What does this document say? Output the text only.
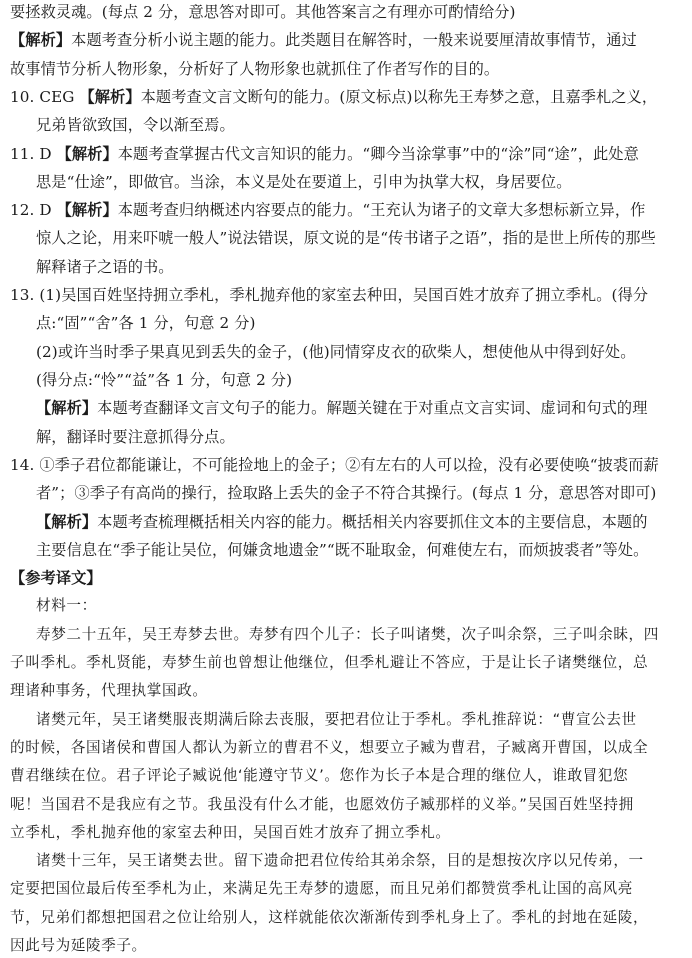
要拯救灵魂。(每点 2 分，意思答对即可。其他答案言之有理亦可酌情给分)
【解析】本题考查分析小说主题的能力。此类题目在解答时，一般来说要厘清故事情节，通过
故事情节分析人物形象，分析好了人物形象也就抓住了作者写作的目的。
10. CEG 【解析】本题考查文言文断句的能力。(原文标点)以称先王寿梦之意，且嘉季札之义，
兄弟皆欲致国，令以渐至焉。
11. D 【解析】本题考查掌握古代文言知识的能力。“卿今当涂掌事”中的“涂”同“途”，此处意
思是“仕途”，即做官。当涂，本义是处在要道上，引申为执掌大权，身居要位。
12. D 【解析】本题考查归纳概述内容要点的能力。“王充认为诸子的文章大多想标新立异，作
惊人之论，用来吓唬一般人”说法错误，原文说的是“传书诸子之语”，指的是世上所传的那些
解释诸子之语的书。
13. (1)吴国百姓坚持拥立季札，季札抛弃他的家室去种田，吴国百姓才放弃了拥立季札。(得分
点:“固”“舍”各 1 分，句意 2 分)
(2)或许当时季子果真见到丢失的金子，(他)同情穿皮衣的砍柴人，想使他从中得到好处。
(得分点:“怜”“益”各 1 分，句意 2 分)
【解析】本题考查翻译文言文句子的能力。解题关键在于对重点文言实词、虚词和句式的理
解，翻译时要注意抓得分点。
14. ①季子君位都能谦让，不可能捡地上的金子；②有左右的人可以捡，没有必要使唤“披裘而薪
者”；③季子有高尚的操行，捡取路上丢失的金子不符合其操行。(每点 1 分，意思答对即可)
【解析】本题考查梳理概括相关内容的能力。概括相关内容要抓住文本的主要信息，本题的
主要信息在“季子能让吴位，何嫌贪地遗金”“既不耻取金，何难使左右，而烦披裘者”等处。
【参考译文】
材料一：
寿梦二十五年，吴王寿梦去世。寿梦有四个儿子：长子叫诸樊，次子叫余祭，三子叫余眛，四
子叫季札。季札贤能，寿梦生前也曾想让他继位，但季札避让不答应，于是让长子诸樊继位，总
理诸种事务，代理执掌国政。
诸樊元年，吴王诸樊服丧期满后除去丧服，要把君位让于季札。季札推辞说：“曹宣公去世
的时候，各国诸侯和曹国人都认为新立的曹君不义，想要立子臧为曹君，子臧离开曹国，以成全
曹君继续在位。君子评论子臧说他‘能遵守节义’。您作为长子本是合理的继位人，谁敢冒犯您
呢！当国君不是我应有之节。我虽没有什么才能，也愿效仿子臧那样的义举。”吴国百姓坚持拥
立季札，季札抛弃他的家室去种田，吴国百姓才放弃了拥立季札。
诸樊十三年，吴王诸樊去世。留下遗命把君位传给其弟余祭，目的是想按次序以兄传弟，一
定要把国位最后传至季札为止，来满足先王寿梦的遗愿，而且兄弟们都赞赏季札让国的高风亮
节，兄弟们都想把国君之位让给别人，这样就能依次渐渐传到季札身上了。季札的封地在延陵，
因此号为延陵季子。
